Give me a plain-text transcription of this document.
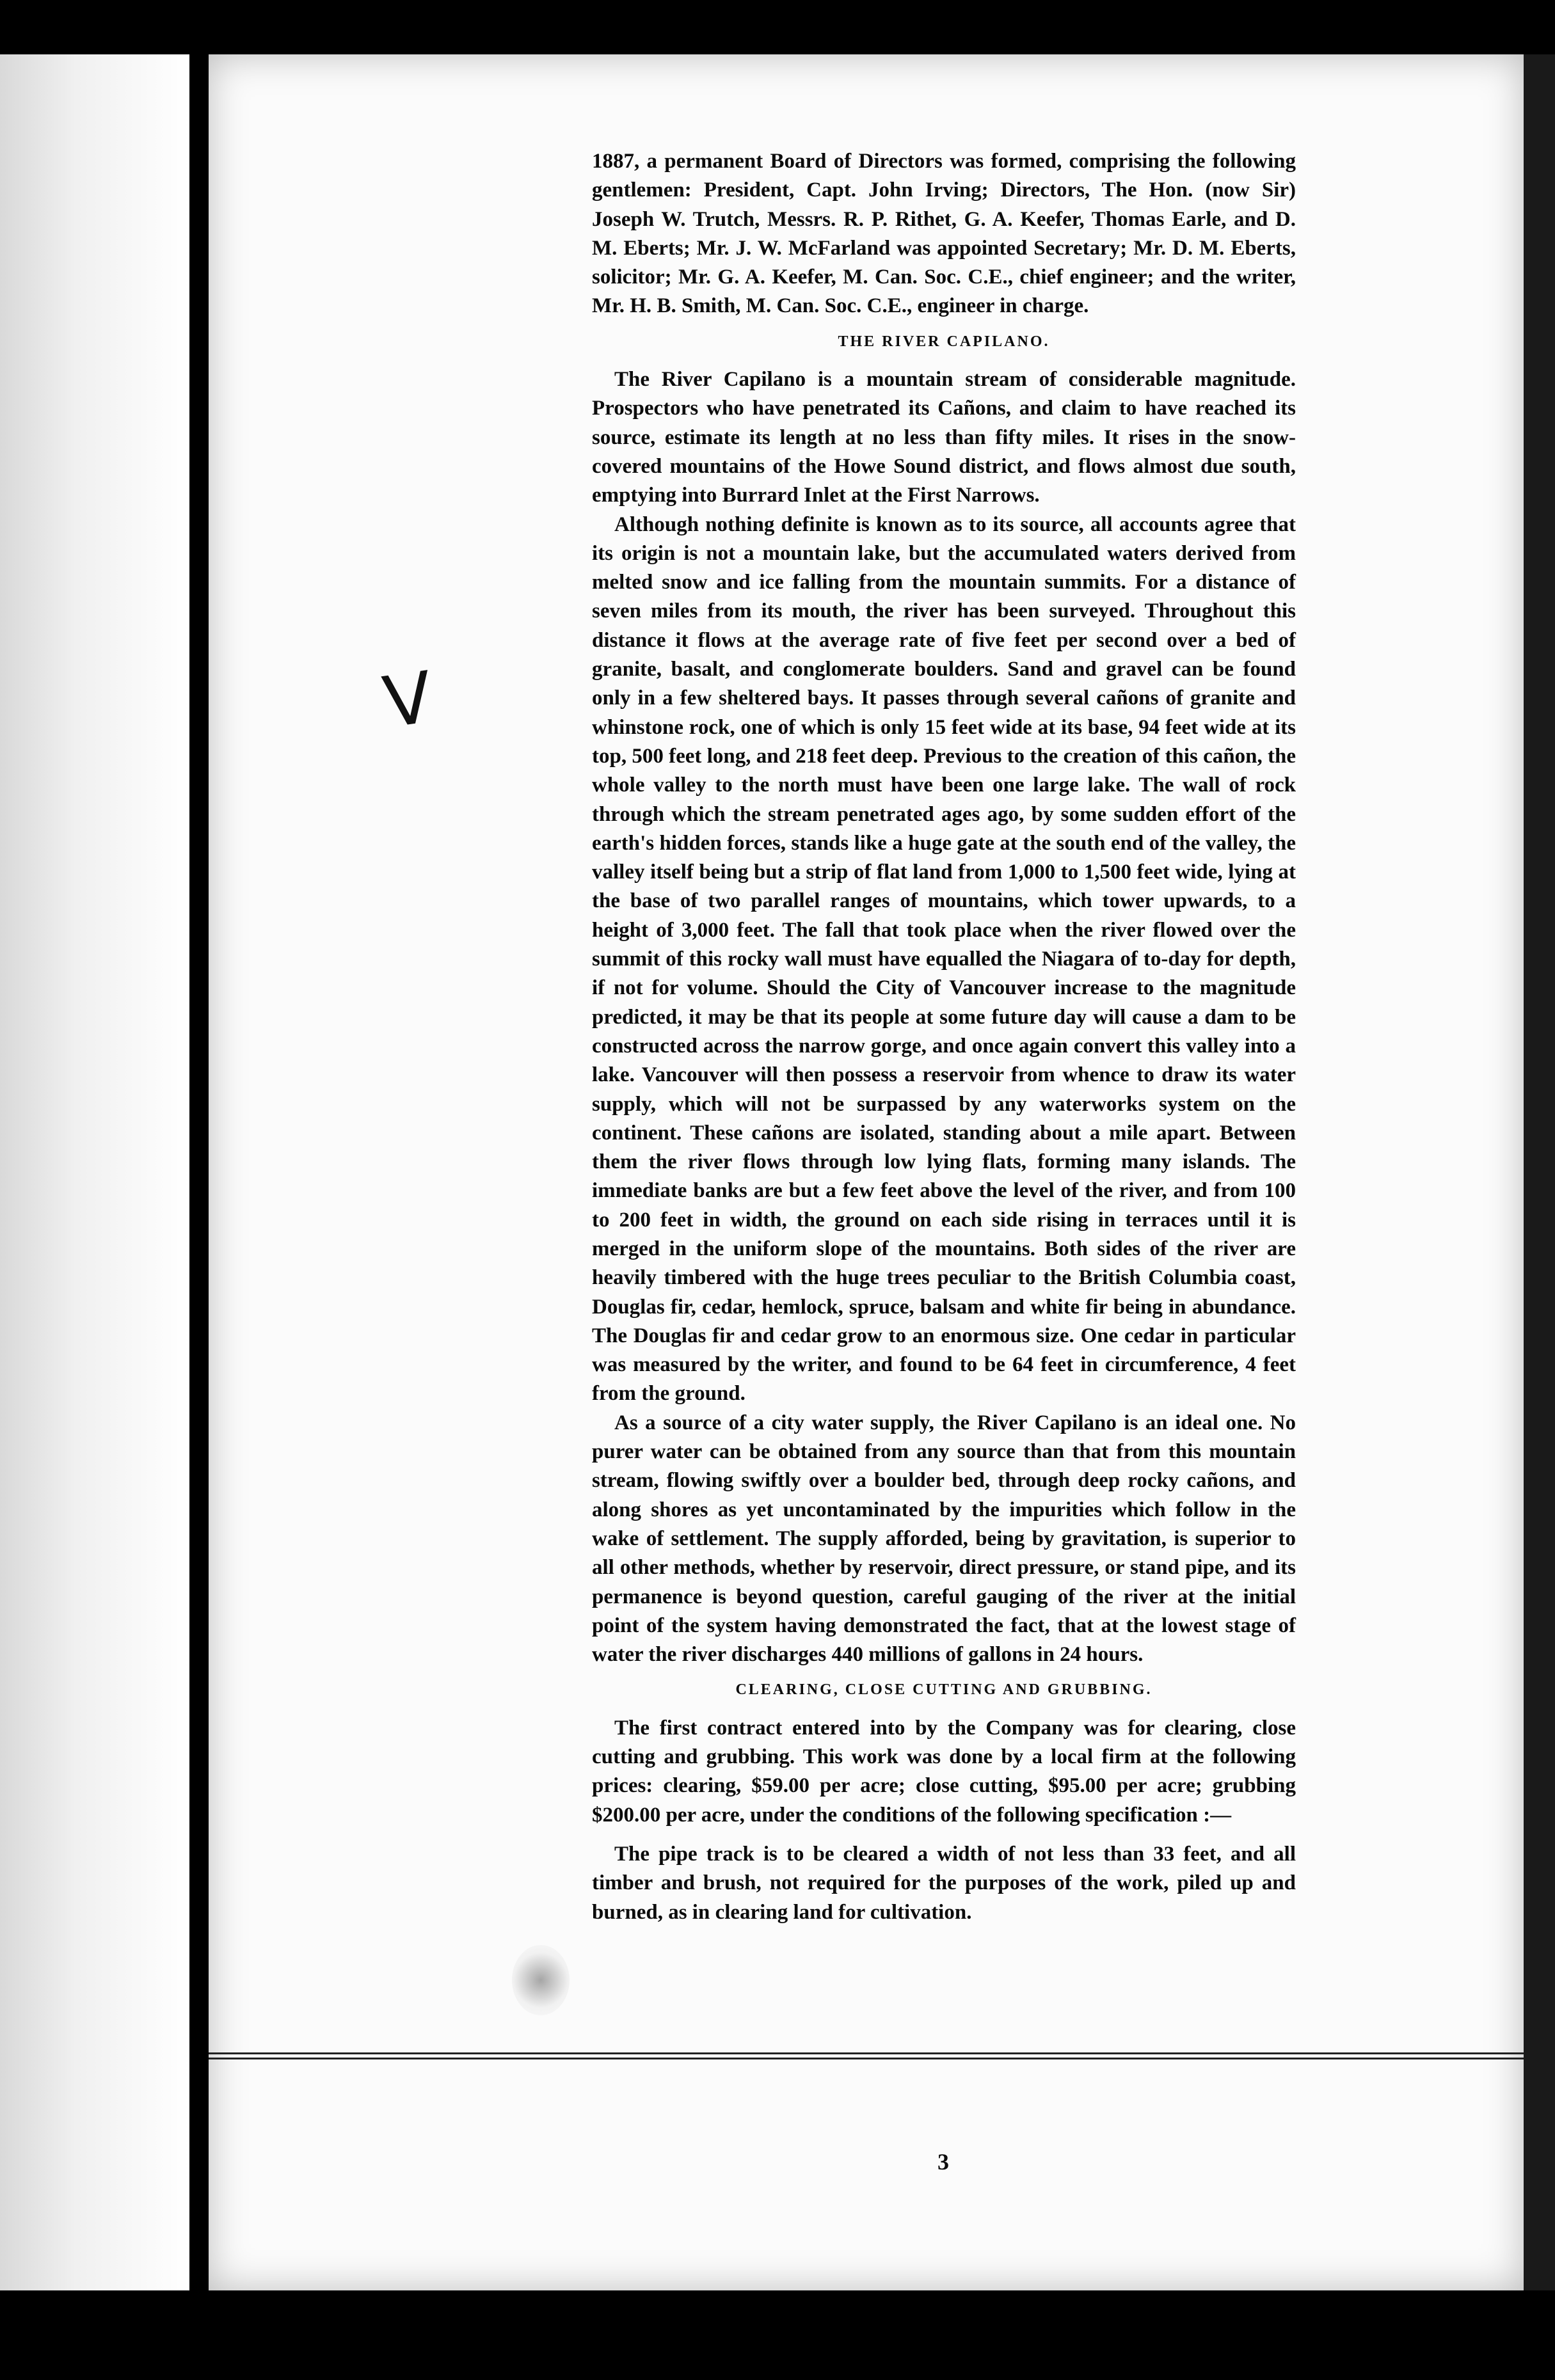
V

1887, a permanent Board of Directors was formed, comprising the following gentlemen: President, Capt. John Irving; Directors, The Hon. (now Sir) Joseph W. Trutch, Messrs. R. P. Rithet, G. A. Keefer, Thomas Earle, and D. M. Eberts; Mr. J. W. McFarland was appointed Secretary; Mr. D. M. Eberts, solicitor; Mr. G. A. Keefer, M. Can. Soc. C.E., chief engineer; and the writer, Mr. H. B. Smith, M. Can. Soc. C.E., engineer in charge.

THE RIVER CAPILANO.

The River Capilano is a mountain stream of considerable magnitude. Prospectors who have penetrated its Cañons, and claim to have reached its source, estimate its length at no less than fifty miles. It rises in the snow-covered mountains of the Howe Sound district, and flows almost due south, emptying into Burrard Inlet at the First Narrows.

Although nothing definite is known as to its source, all accounts agree that its origin is not a mountain lake, but the accumulated waters derived from melted snow and ice falling from the mountain summits. For a distance of seven miles from its mouth, the river has been surveyed. Throughout this distance it flows at the average rate of five feet per second over a bed of granite, basalt, and conglomerate boulders. Sand and gravel can be found only in a few sheltered bays. It passes through several cañons of granite and whinstone rock, one of which is only 15 feet wide at its base, 94 feet wide at its top, 500 feet long, and 218 feet deep. Previous to the creation of this cañon, the whole valley to the north must have been one large lake. The wall of rock through which the stream penetrated ages ago, by some sudden effort of the earth's hidden forces, stands like a huge gate at the south end of the valley, the valley itself being but a strip of flat land from 1,000 to 1,500 feet wide, lying at the base of two parallel ranges of mountains, which tower upwards, to a height of 3,000 feet. The fall that took place when the river flowed over the summit of this rocky wall must have equalled the Niagara of to-day for depth, if not for volume. Should the City of Vancouver increase to the magnitude predicted, it may be that its people at some future day will cause a dam to be constructed across the narrow gorge, and once again convert this valley into a lake. Vancouver will then possess a reservoir from whence to draw its water supply, which will not be surpassed by any waterworks system on the continent. These cañons are isolated, standing about a mile apart. Between them the river flows through low lying flats, forming many islands. The immediate banks are but a few feet above the level of the river, and from 100 to 200 feet in width, the ground on each side rising in terraces until it is merged in the uniform slope of the mountains. Both sides of the river are heavily timbered with the huge trees peculiar to the British Columbia coast, Douglas fir, cedar, hemlock, spruce, balsam and white fir being in abundance. The Douglas fir and cedar grow to an enormous size. One cedar in particular was measured by the writer, and found to be 64 feet in circumference, 4 feet from the ground.

As a source of a city water supply, the River Capilano is an ideal one. No purer water can be obtained from any source than that from this mountain stream, flowing swiftly over a boulder bed, through deep rocky cañons, and along shores as yet uncontaminated by the impurities which follow in the wake of settlement. The supply afforded, being by gravitation, is superior to all other methods, whether by reservoir, direct pressure, or stand pipe, and its permanence is beyond question, careful gauging of the river at the initial point of the system having demonstrated the fact, that at the lowest stage of water the river discharges 440 millions of gallons in 24 hours.

CLEARING, CLOSE CUTTING AND GRUBBING.

The first contract entered into by the Company was for clearing, close cutting and grubbing. This work was done by a local firm at the following prices: clearing, $59.00 per acre; close cutting, $95.00 per acre; grubbing $200.00 per acre, under the conditions of the following specification :—

The pipe track is to be cleared a width of not less than 33 feet, and all timber and brush, not required for the purposes of the work, piled up and burned, as in clearing land for cultivation.

3
